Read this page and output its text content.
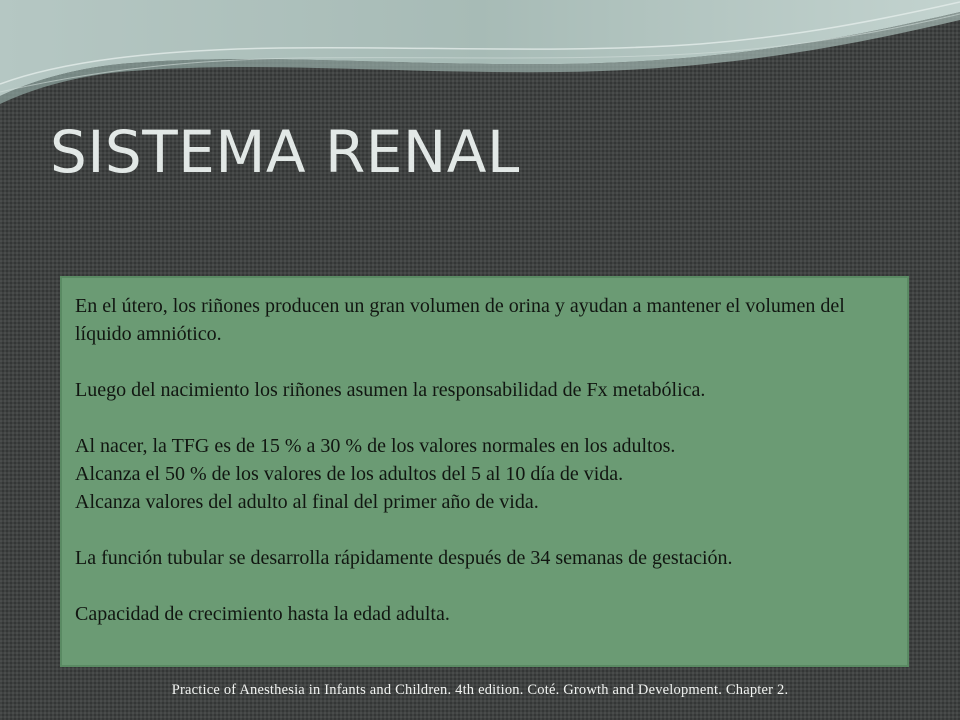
SISTEMA RENAL

En el útero, los riñones producen un gran volumen de orina y ayudan a mantener el volumen del líquido amniótico.

Luego del nacimiento los riñones asumen la responsabilidad de Fx metabólica.

Al nacer, la TFG es de 15 % a 30 % de los valores normales en los adultos.

Alcanza el 50 % de los valores de los adultos del 5 al 10 día de vida.

Alcanza valores del adulto al final del primer año de vida.

La función tubular se desarrolla rápidamente después de 34 semanas de gestación.

Capacidad de crecimiento hasta la edad adulta.

Practice of Anesthesia in Infants and Children. 4th edition. Coté. Growth and Development. Chapter 2.
